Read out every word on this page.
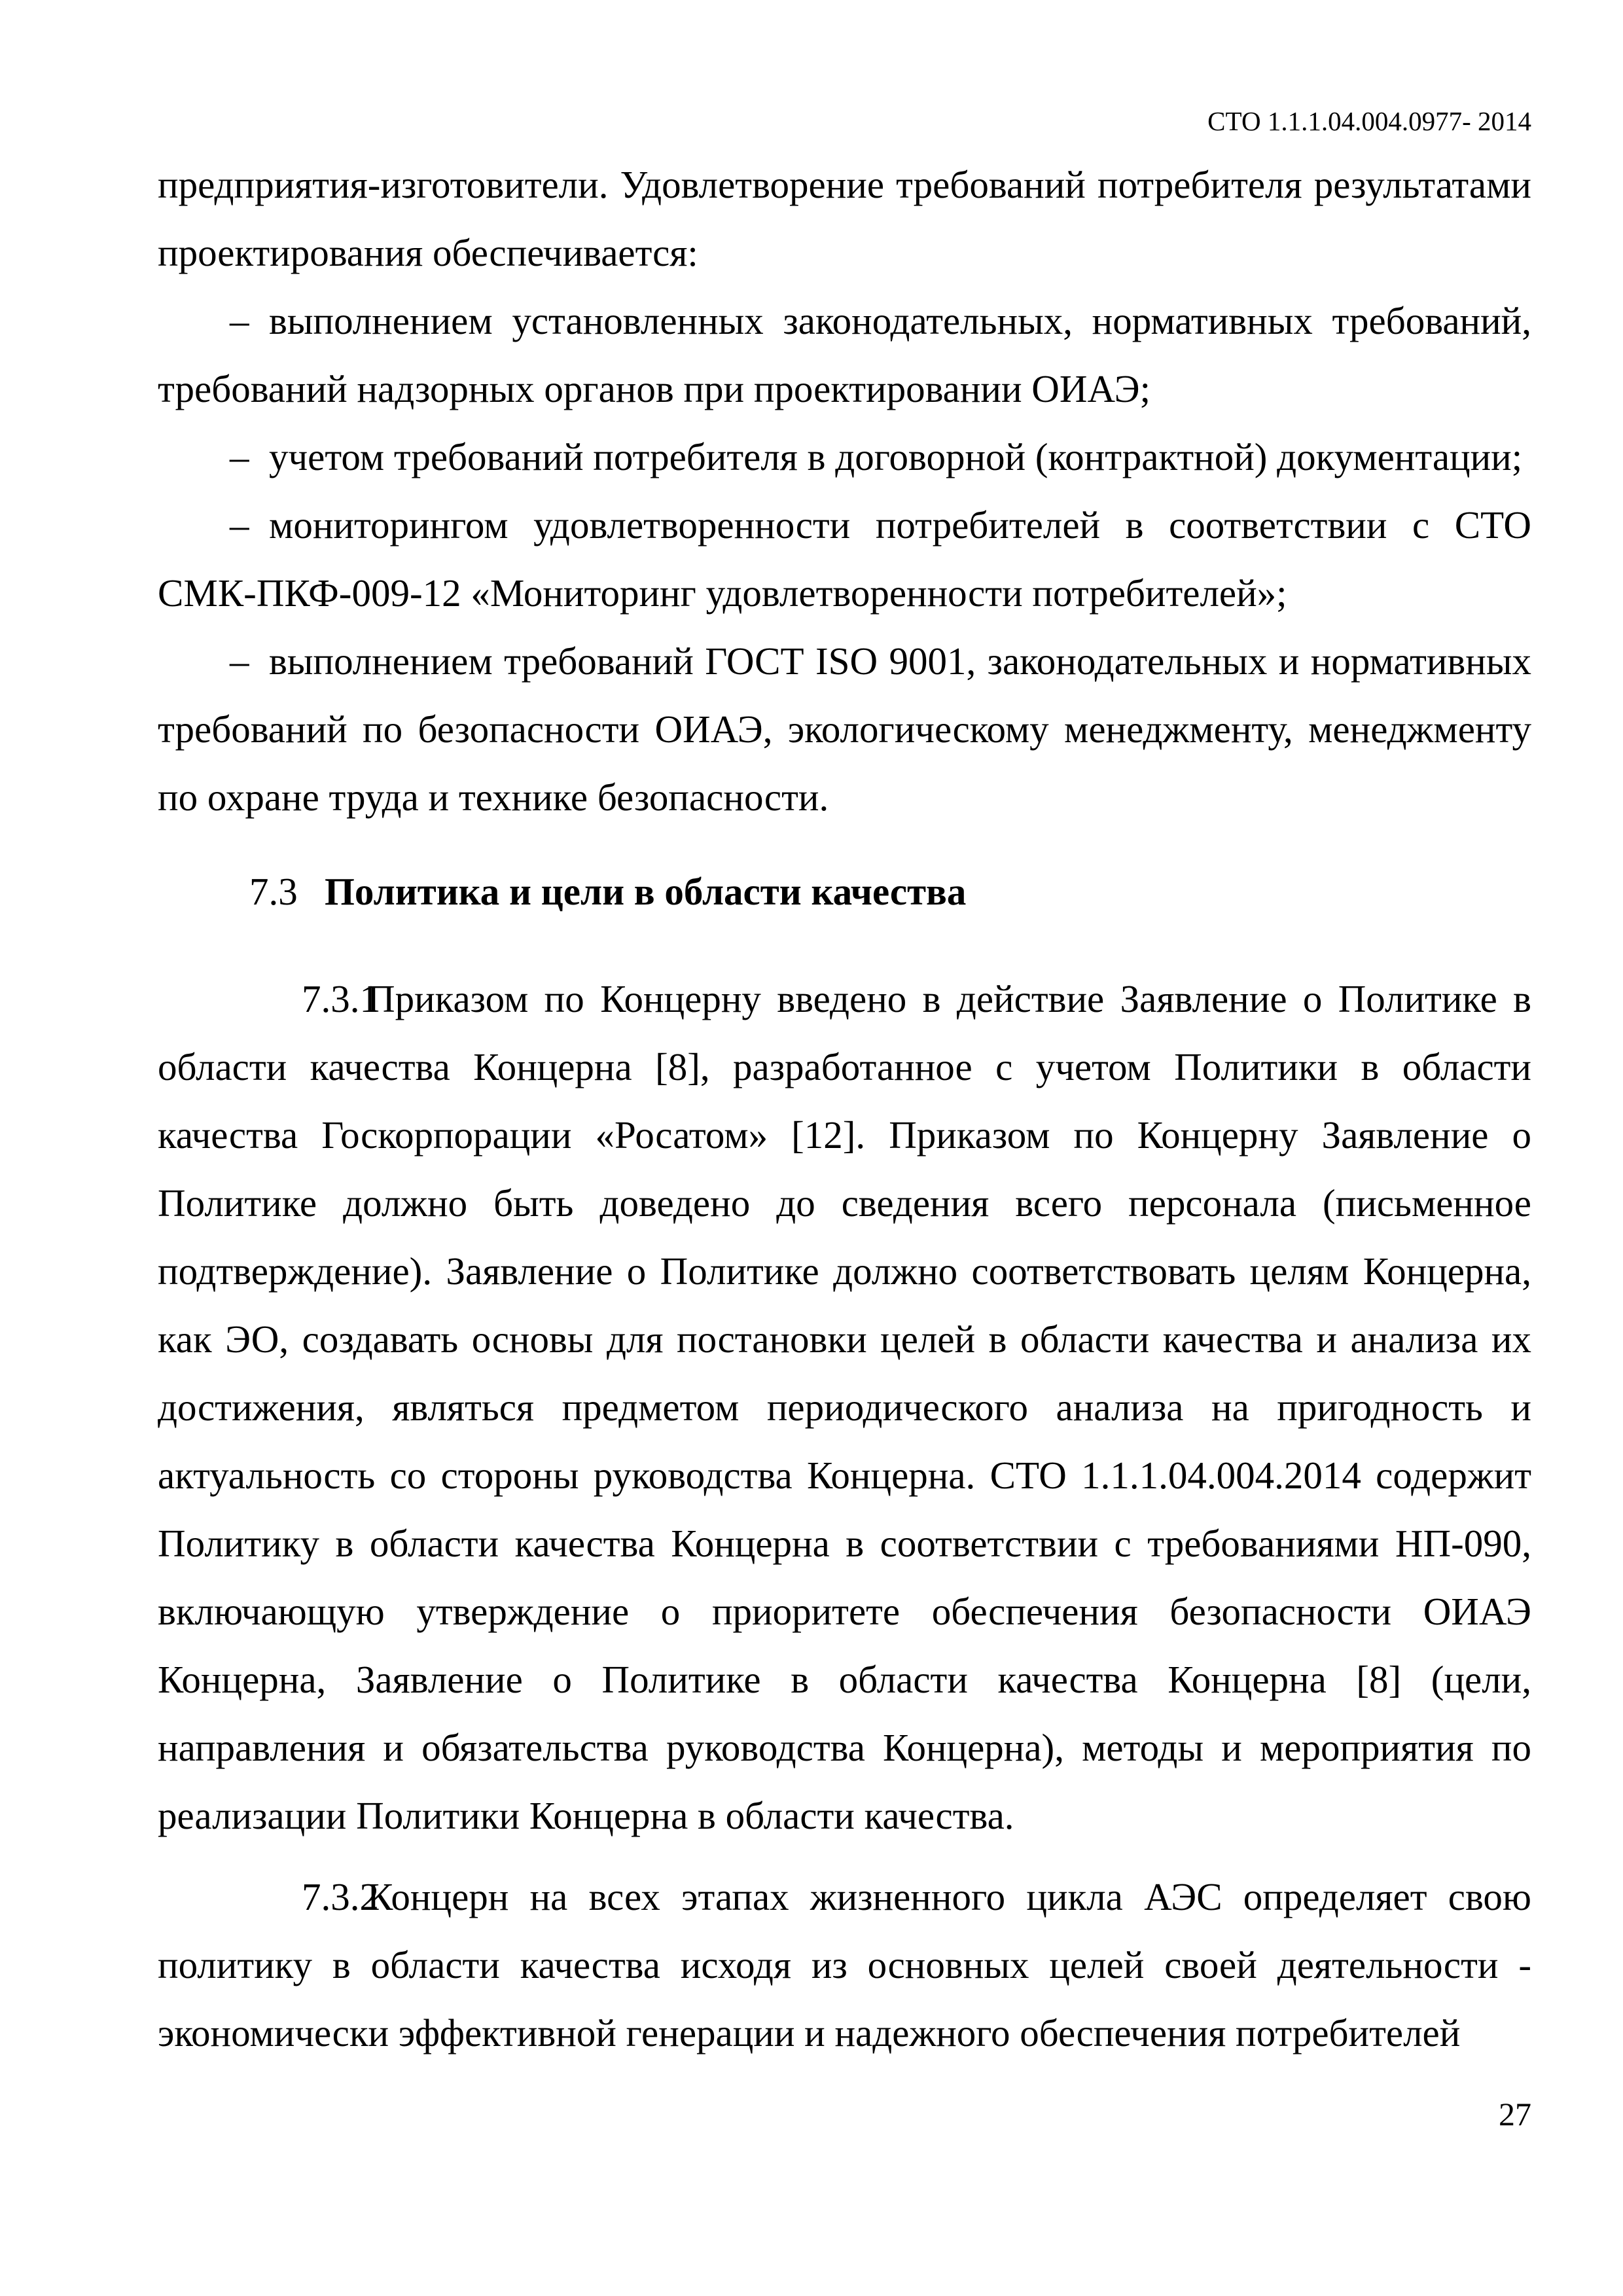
СТО 1.1.1.04.004.0977- 2014

предприятия-изготовители. Удовлетворение требований потребителя результатами проектирования обеспечивается:

– выполнением установленных законодательных, нормативных требований, требований надзорных органов при проектировании ОИАЭ;

– учетом требований потребителя в договорной (контрактной) документации;

– мониторингом удовлетворенности потребителей в соответствии с СТО СМК-ПКФ-009-12 «Мониторинг удовлетворенности потребителей»;

– выполнением требований ГОСТ ISO 9001, законодательных и нормативных требований по безопасности ОИАЭ, экологическому менеджменту, менеджменту по охране труда и технике безопасности.

7.3 Политика и цели в области качества

7.3.1Приказом по Концерну введено в действие Заявление о Политике в области качества Концерна [8], разработанное с учетом Политики в области качества Госкорпорации «Росатом» [12]. Приказом по Концерну Заявление о Политике должно быть доведено до сведения всего персонала (письменное подтверждение). Заявление о Политике должно соответствовать целям Концерна, как ЭО, создавать основы для постановки целей в области качества и анализа их достижения, являться предметом периодического анализа на пригодность и актуальность со стороны руководства Концерна. СТО 1.1.1.04.004.2014 содержит Политику в области качества Концерна в соответствии с требованиями НП-090, включающую утверждение о приоритете обеспечения безопасности ОИАЭ Концерна, Заявление о Политике в области качества Концерна [8] (цели, направления и обязательства руководства Концерна), методы и мероприятия по реализации Политики Концерна в области качества.

7.3.2Концерн на всех этапах жизненного цикла АЭС определяет свою политику в области качества исходя из основных целей своей деятельности - экономически эффективной генерации и надежного обеспечения потребителей

27
